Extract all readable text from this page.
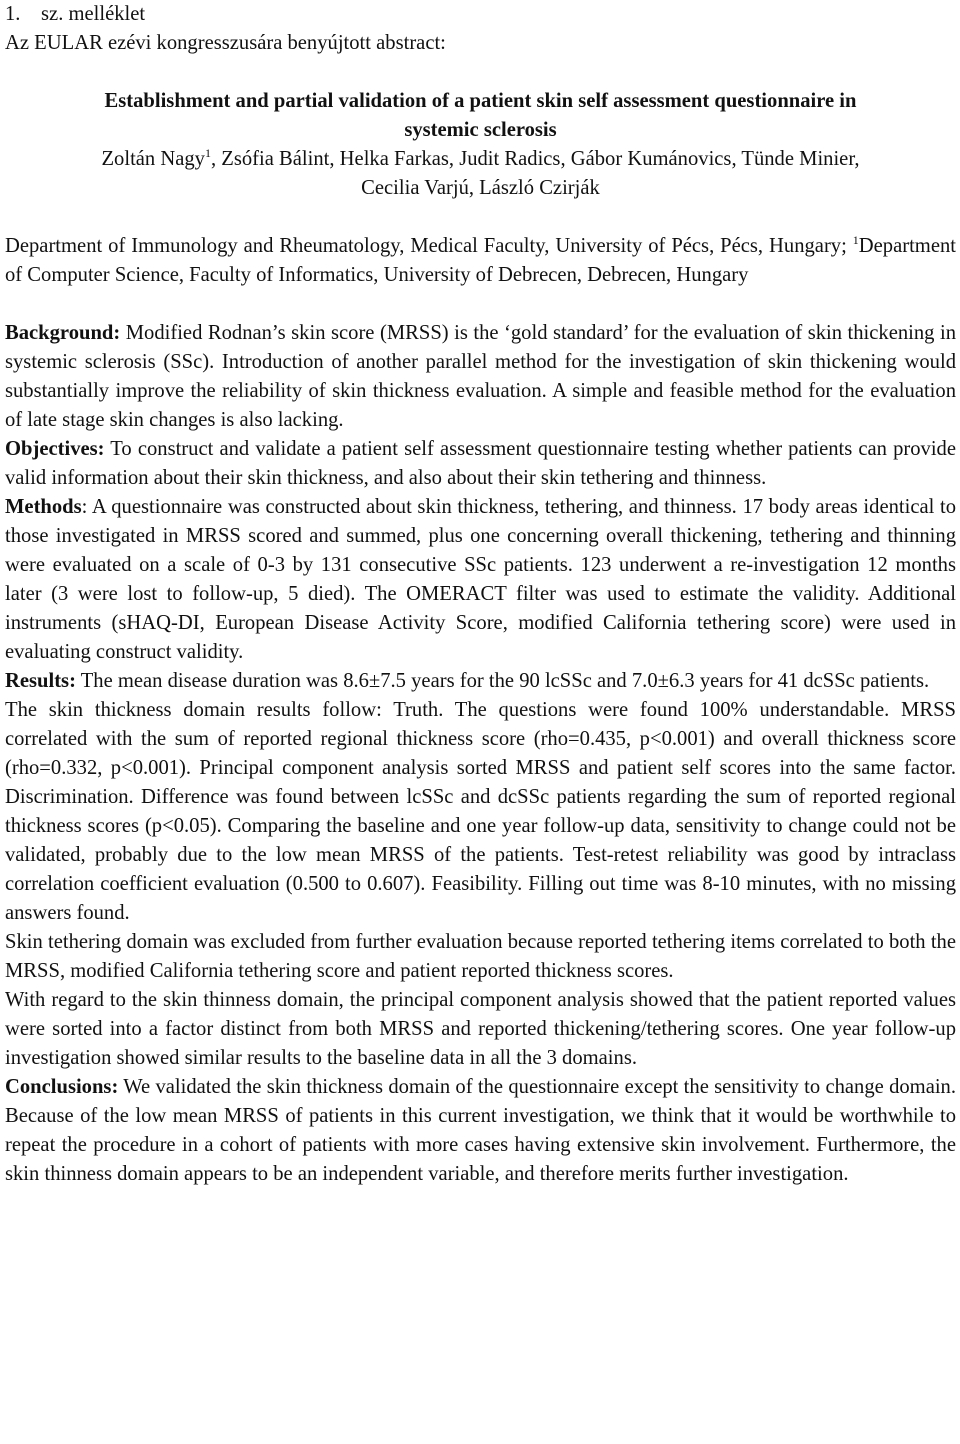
1. sz. melléklet
Az EULAR ezévi kongresszusára benyújtott abstract:
Establishment and partial validation of a patient skin self assessment questionnaire in
systemic sclerosis
Zoltán Nagy$^1$, Zsófia Bálint, Helka Farkas, Judit Radics, Gábor Kumánovics, Tünde Minier,
Cecilia Varjú, László Czirják
Department of Immunology and Rheumatology, Medical Faculty, University of Pécs, Pécs, Hungary; $^1$Department of Computer Science, Faculty of Informatics, University of Debrecen, Debrecen, Hungary
Background: Modified Rodnan’s skin score (MRSS) is the ‘gold standard’ for the evaluation of skin thickening in systemic sclerosis (SSc). Introduction of another parallel method for the investigation of skin thickening would substantially improve the reliability of skin thickness evaluation. A simple and feasible method for the evaluation of late stage skin changes is also lacking.
Objectives: To construct and validate a patient self assessment questionnaire testing whether patients can provide valid information about their skin thickness, and also about their skin tethering and thinness.
Methods: A questionnaire was constructed about skin thickness, tethering, and thinness. 17 body areas identical to those investigated in MRSS scored and summed, plus one concerning overall thickening, tethering and thinning were evaluated on a scale of 0-3 by 131 consecutive SSc patients. 123 underwent a re-investigation 12 months later (3 were lost to follow-up, 5 died). The OMERACT filter was used to estimate the validity. Additional instruments (sHAQ-DI, European Disease Activity Score, modified California tethering score) were used in evaluating construct validity.
Results: The mean disease duration was 8.6±7.5 years for the 90 lcSSc and 7.0±6.3 years for 41 dcSSc patients.
The skin thickness domain results follow: Truth. The questions were found 100% understandable. MRSS correlated with the sum of reported regional thickness score (rho=0.435, p<0.001) and overall thickness score (rho=0.332, p<0.001). Principal component analysis sorted MRSS and patient self scores into the same factor. Discrimination. Difference was found between lcSSc and dcSSc patients regarding the sum of reported regional thickness scores (p<0.05). Comparing the baseline and one year follow-up data, sensitivity to change could not be validated, probably due to the low mean MRSS of the patients. Test-retest reliability was good by intraclass correlation coefficient evaluation (0.500 to 0.607). Feasibility. Filling out time was 8-10 minutes, with no missing answers found.
Skin tethering domain was excluded from further evaluation because reported tethering items correlated to both the MRSS, modified California tethering score and patient reported thickness scores.
With regard to the skin thinness domain, the principal component analysis showed that the patient reported values were sorted into a factor distinct from both MRSS and reported thickening/tethering scores. One year follow-up investigation showed similar results to the baseline data in all the 3 domains.
Conclusions: We validated the skin thickness domain of the questionnaire except the sensitivity to change domain. Because of the low mean MRSS of patients in this current investigation, we think that it would be worthwhile to repeat the procedure in a cohort of patients with more cases having extensive skin involvement. Furthermore, the skin thinness domain appears to be an independent variable, and therefore merits further investigation.
